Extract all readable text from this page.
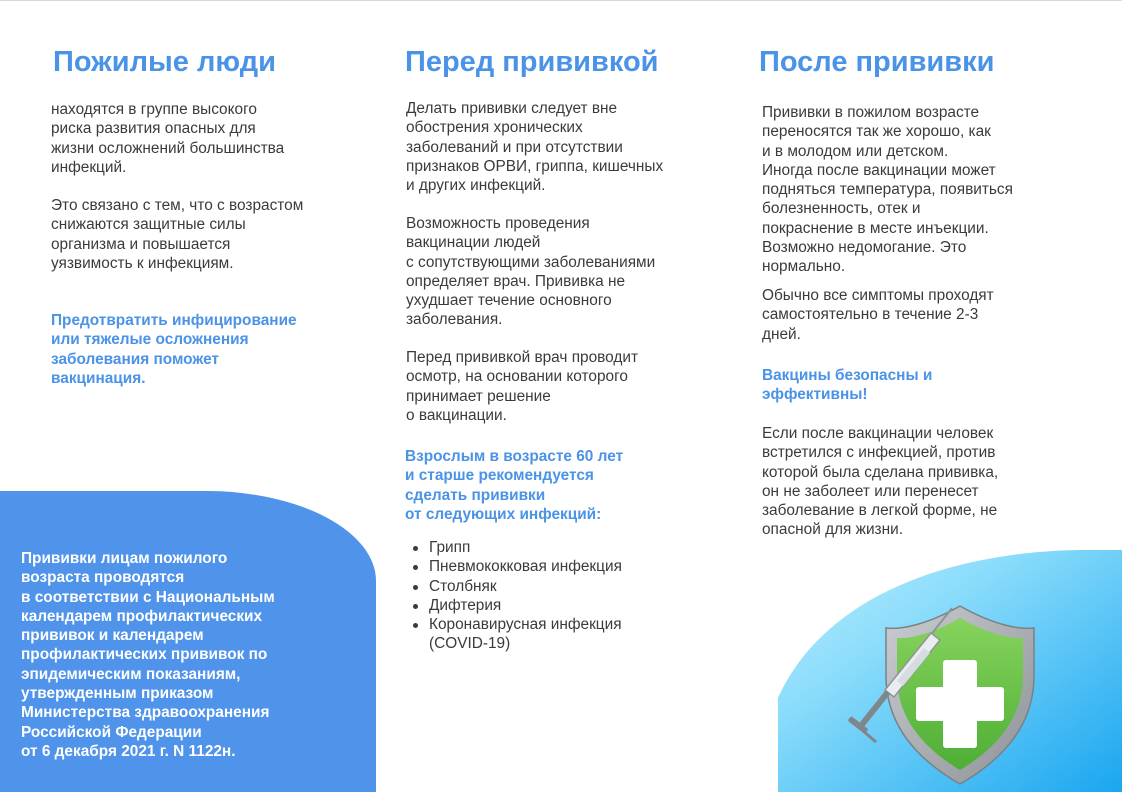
Пожилые люди

находятся в группе высокого
риска развития опасных для
жизни осложнений большинства
инфекций.

Это связано с тем, что с возрастом
снижаются защитные силы
организма и повышается
уязвимость к инфекциям.

Предотвратить инфицирование
или тяжелые осложнения
заболевания поможет
вакцинация.

Перед прививкой

Делать прививки следует вне
обострения хронических
заболеваний и при отсутствии
признаков ОРВИ, гриппа, кишечных
и других инфекций.

Возможность проведения
вакцинации людей
с сопутствующими заболеваниями
определяет врач. Прививка не
ухудшает течение основного
заболевания.

Перед прививкой врач проводит
осмотр, на основании которого
принимает решение
о вакцинации.

Взрослым в возрасте 60 лет
и старше рекомендуется
сделать прививки
от следующих инфекций:

Грипп
Пневмококковая инфекция
Столбняк
Дифтерия
Коронавирусная инфекция
(COVID-19)
После прививки

Прививки в пожилом возрасте
переносятся так же хорошо, как
и в молодом или детском.
Иногда после вакцинации может
подняться температура, появиться
болезненность, отек и
покраснение в месте инъекции.
Возможно недомогание. Это
нормально.

Обычно все симптомы проходят
самостоятельно в течение 2-3
дней.

Вакцины безопасны и
эффективны!

Если после вакцинации человек
встретился с инфекцией, против
которой была сделана прививка,
он не заболеет или перенесет
заболевание в легкой форме, не
опасной для жизни.

Прививки лицам пожилого
возраста проводятся
в соответствии с Национальным
календарем профилактических
прививок и календарем
профилактических прививок по
эпидемическим показаниям,
утвержденным приказом
Министерства здравоохранения
Российской Федерации
от 6 декабря 2021 г. N 1122н.
